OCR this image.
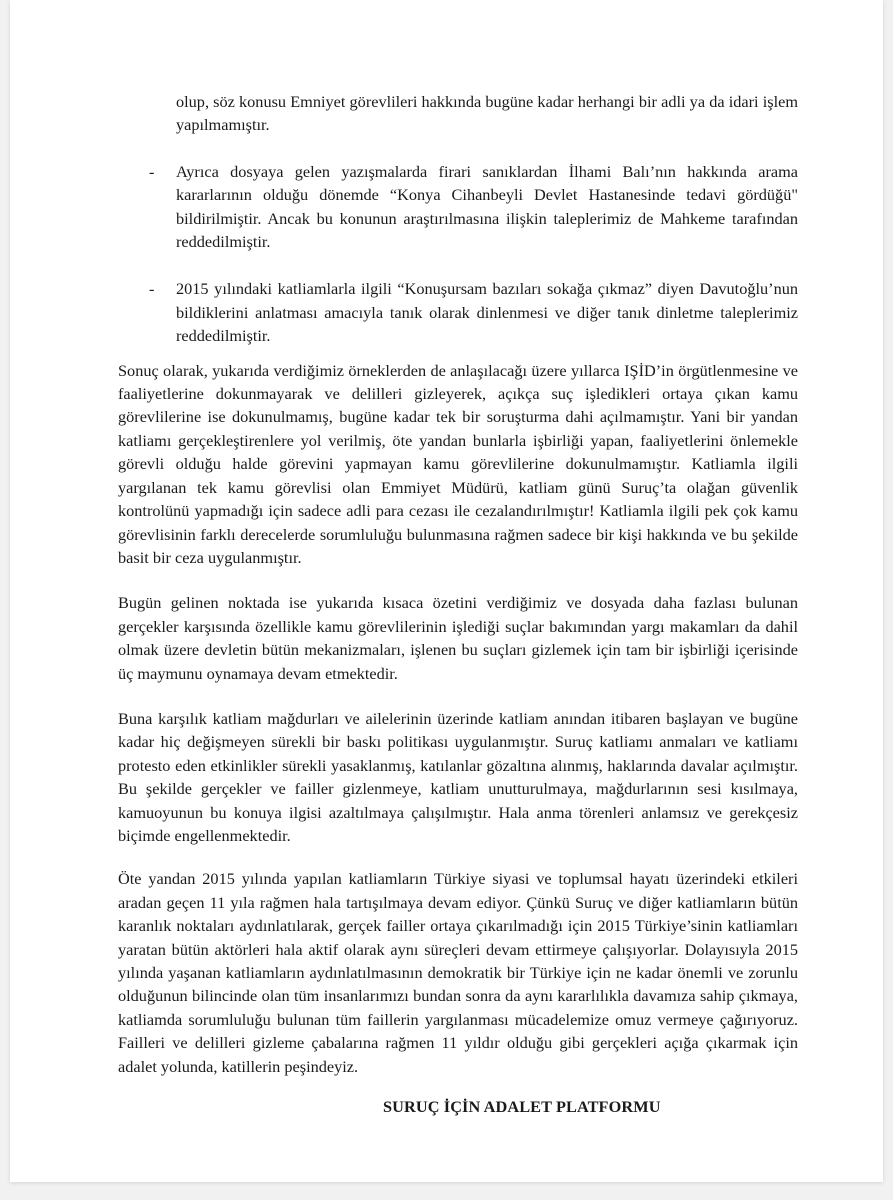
olup, söz konusu Emniyet görevlileri hakkında bugüne kadar herhangi bir adli ya da idari işlem yapılmamıştır.

- Ayrıca dosyaya gelen yazışmalarda firari sanıklardan İlhami Balı’nın hakkında arama kararlarının olduğu dönemde “Konya Cihanbeyli Devlet Hastanesinde tedavi gördüğü" bildirilmiştir. Ancak bu konunun araştırılmasına ilişkin taleplerimiz de Mahkeme tarafından reddedilmiştir.

- 2015 yılındaki katliamlarla ilgili “Konuşursam bazıları sokağa çıkmaz” diyen Davutoğlu’nun bildiklerini anlatması amacıyla tanık olarak dinlenmesi ve diğer tanık dinletme taleplerimiz reddedilmiştir.

Sonuç olarak, yukarıda verdiğimiz örneklerden de anlaşılacağı üzere yıllarca IŞİD’in örgütlenmesine ve faaliyetlerine dokunmayarak ve delilleri gizleyerek, açıkça suç işledikleri ortaya çıkan kamu görevlilerine ise dokunulmamış, bugüne kadar tek bir soruşturma dahi açılmamıştır. Yani bir yandan katliamı gerçekleştirenlere yol verilmiş, öte yandan bunlarla işbirliği yapan, faaliyetlerini önlemekle görevli olduğu halde görevini yapmayan kamu görevlilerine dokunulmamıştır. Katliamla ilgili yargılanan tek kamu görevlisi olan Emmiyet Müdürü, katliam günü Suruç’ta olağan güvenlik kontrolünü yapmadığı için sadece adli para cezası ile cezalandırılmıştır! Katliamla ilgili pek çok kamu görevlisinin farklı derecelerde sorumluluğu bulunmasına rağmen sadece bir kişi hakkında ve bu şekilde basit bir ceza uygulanmıştır.

Bugün gelinen noktada ise yukarıda kısaca özetini verdiğimiz ve dosyada daha fazlası bulunan gerçekler karşısında özellikle kamu görevlilerinin işlediği suçlar bakımından yargı makamları da dahil olmak üzere devletin bütün mekanizmaları, işlenen bu suçları gizlemek için tam bir işbirliği içerisinde üç maymunu oynamaya devam etmektedir.

Buna karşılık katliam mağdurları ve ailelerinin üzerinde katliam anından itibaren başlayan ve bugüne kadar hiç değişmeyen sürekli bir baskı politikası uygulanmıştır. Suruç katliamı anmaları ve katliamı protesto eden etkinlikler sürekli yasaklanmış, katılanlar gözaltına alınmış, haklarında davalar açılmıştır. Bu şekilde gerçekler ve failler gizlenmeye, katliam unutturulmaya, mağdurlarının sesi kısılmaya, kamuoyunun bu konuya ilgisi azaltılmaya çalışılmıştır. Hala anma törenleri anlamsız ve gerekçesiz biçimde engellenmektedir.

Öte yandan 2015 yılında yapılan katliamların Türkiye siyasi ve toplumsal hayatı üzerindeki etkileri aradan geçen 11 yıla rağmen hala tartışılmaya devam ediyor. Çünkü Suruç ve diğer katliamların bütün karanlık noktaları aydınlatılarak, gerçek failler ortaya çıkarılmadığı için 2015 Türkiye’sinin katliamları yaratan bütün aktörleri hala aktif olarak aynı süreçleri devam ettirmeye çalışıyorlar. Dolayısıyla 2015 yılında yaşanan katliamların aydınlatılmasının demokratik bir Türkiye için ne kadar önemli ve zorunlu olduğunun bilincinde olan tüm insanlarımızı bundan sonra da aynı kararlılıkla davamıza sahip çıkmaya, katliamda sorumluluğu bulunan tüm faillerin yargılanması mücadelemize omuz vermeye çağırıyoruz. Failleri ve delilleri gizleme çabalarına rağmen 11 yıldır olduğu gibi gerçekleri açığa çıkarmak için adalet yolunda, katillerin peşindeyiz.

SURUÇ İÇİN ADALET PLATFORMU
